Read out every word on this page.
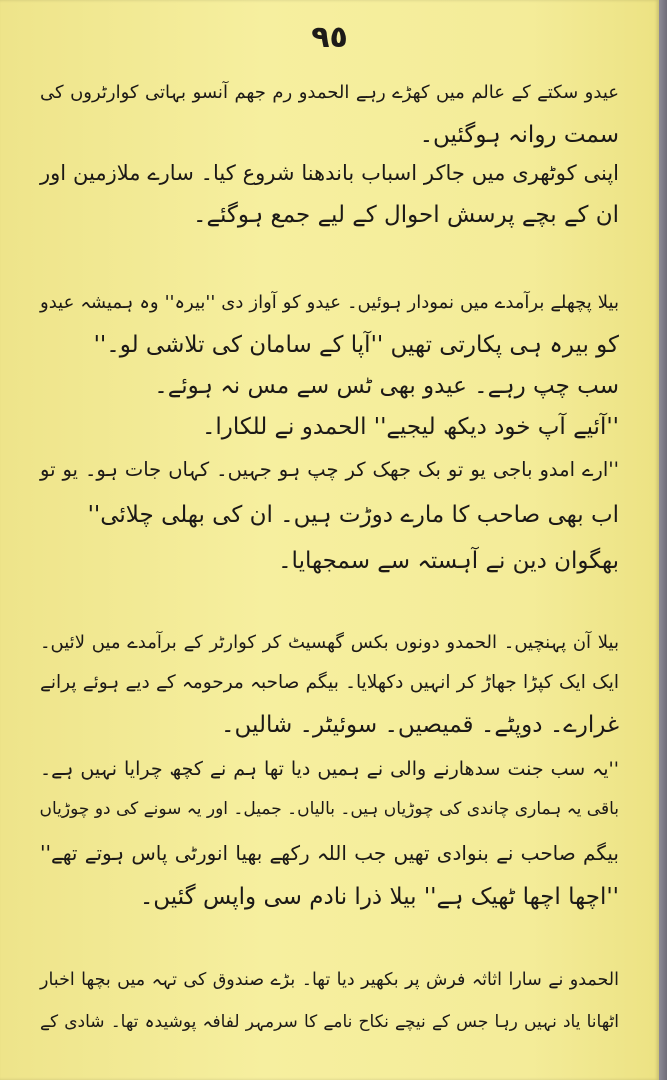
٩٥
عیدو سکتے کے عالم میں کھڑے رہے الحمدو رم جھم آنسو بہاتی کوارٹروں کی
سمت روانہ ہوگئیں۔
اپنی کوٹھری میں جاکر اسباب باندھنا شروع کیا۔ سارے ملازمین اور
ان کے بچے پرسش احوال کے لیے جمع ہوگئے۔
بیلا پچھلے برآمدے میں نمودار ہوئیں۔ عیدو کو آواز دی ''بیرہ'' وہ ہمیشہ عیدو
کو بیرہ ہی پکارتی تھیں ''آپا کے سامان کی تلاشی لو۔''
سب چپ رہے۔ عیدو بھی ٹس سے مس نہ ہوئے۔
''آئیے آپ خود دیکھ لیجیے'' الحمدو نے للکارا۔
''ارے امدو باجی یو تو بک جھک کر چپ ہو جہیں۔ کہاں جات ہو۔ یو تو
اب بھی صاحب کا مارے دوڑت ہیں۔ ان کی بھلی چلائی''
بھگوان دین نے آہستہ سے سمجھایا۔
بیلا آن پہنچیں۔ الحمدو دونوں بکس گھسیٹ کر کوارٹر کے برآمدے میں لائیں۔
ایک ایک کپڑا جھاڑ کر انہیں دکھلایا۔ بیگم صاحبہ مرحومہ کے دیے ہوئے پرانے
غرارے۔ دوپٹے۔ قمیصیں۔ سوئیٹر۔ شالیں۔
''یہ سب جنت سدھارنے والی نے ہمیں دیا تھا ہم نے کچھ چرایا نہیں ہے۔
باقی یہ ہماری چاندی کی چوڑیاں ہیں۔ بالیاں۔ جمیل۔ اور یہ سونے کی دو چوڑیاں
بیگم صاحب نے بنوادی تھیں جب اللہ رکھے بھیا انورٹی پاس ہوتے تھے''
''اچھا اچھا ٹھیک ہے'' بیلا ذرا نادم سی واپس گئیں۔
الحمدو نے سارا اثاثہ فرش پر بکھیر دیا تھا۔ بڑے صندوق کی تہہ میں بچھا اخبار
اٹھانا یاد نہیں رہا جس کے نیچے نکاح نامے کا سرمہر لفافہ پوشیدہ تھا۔ شادی کے
